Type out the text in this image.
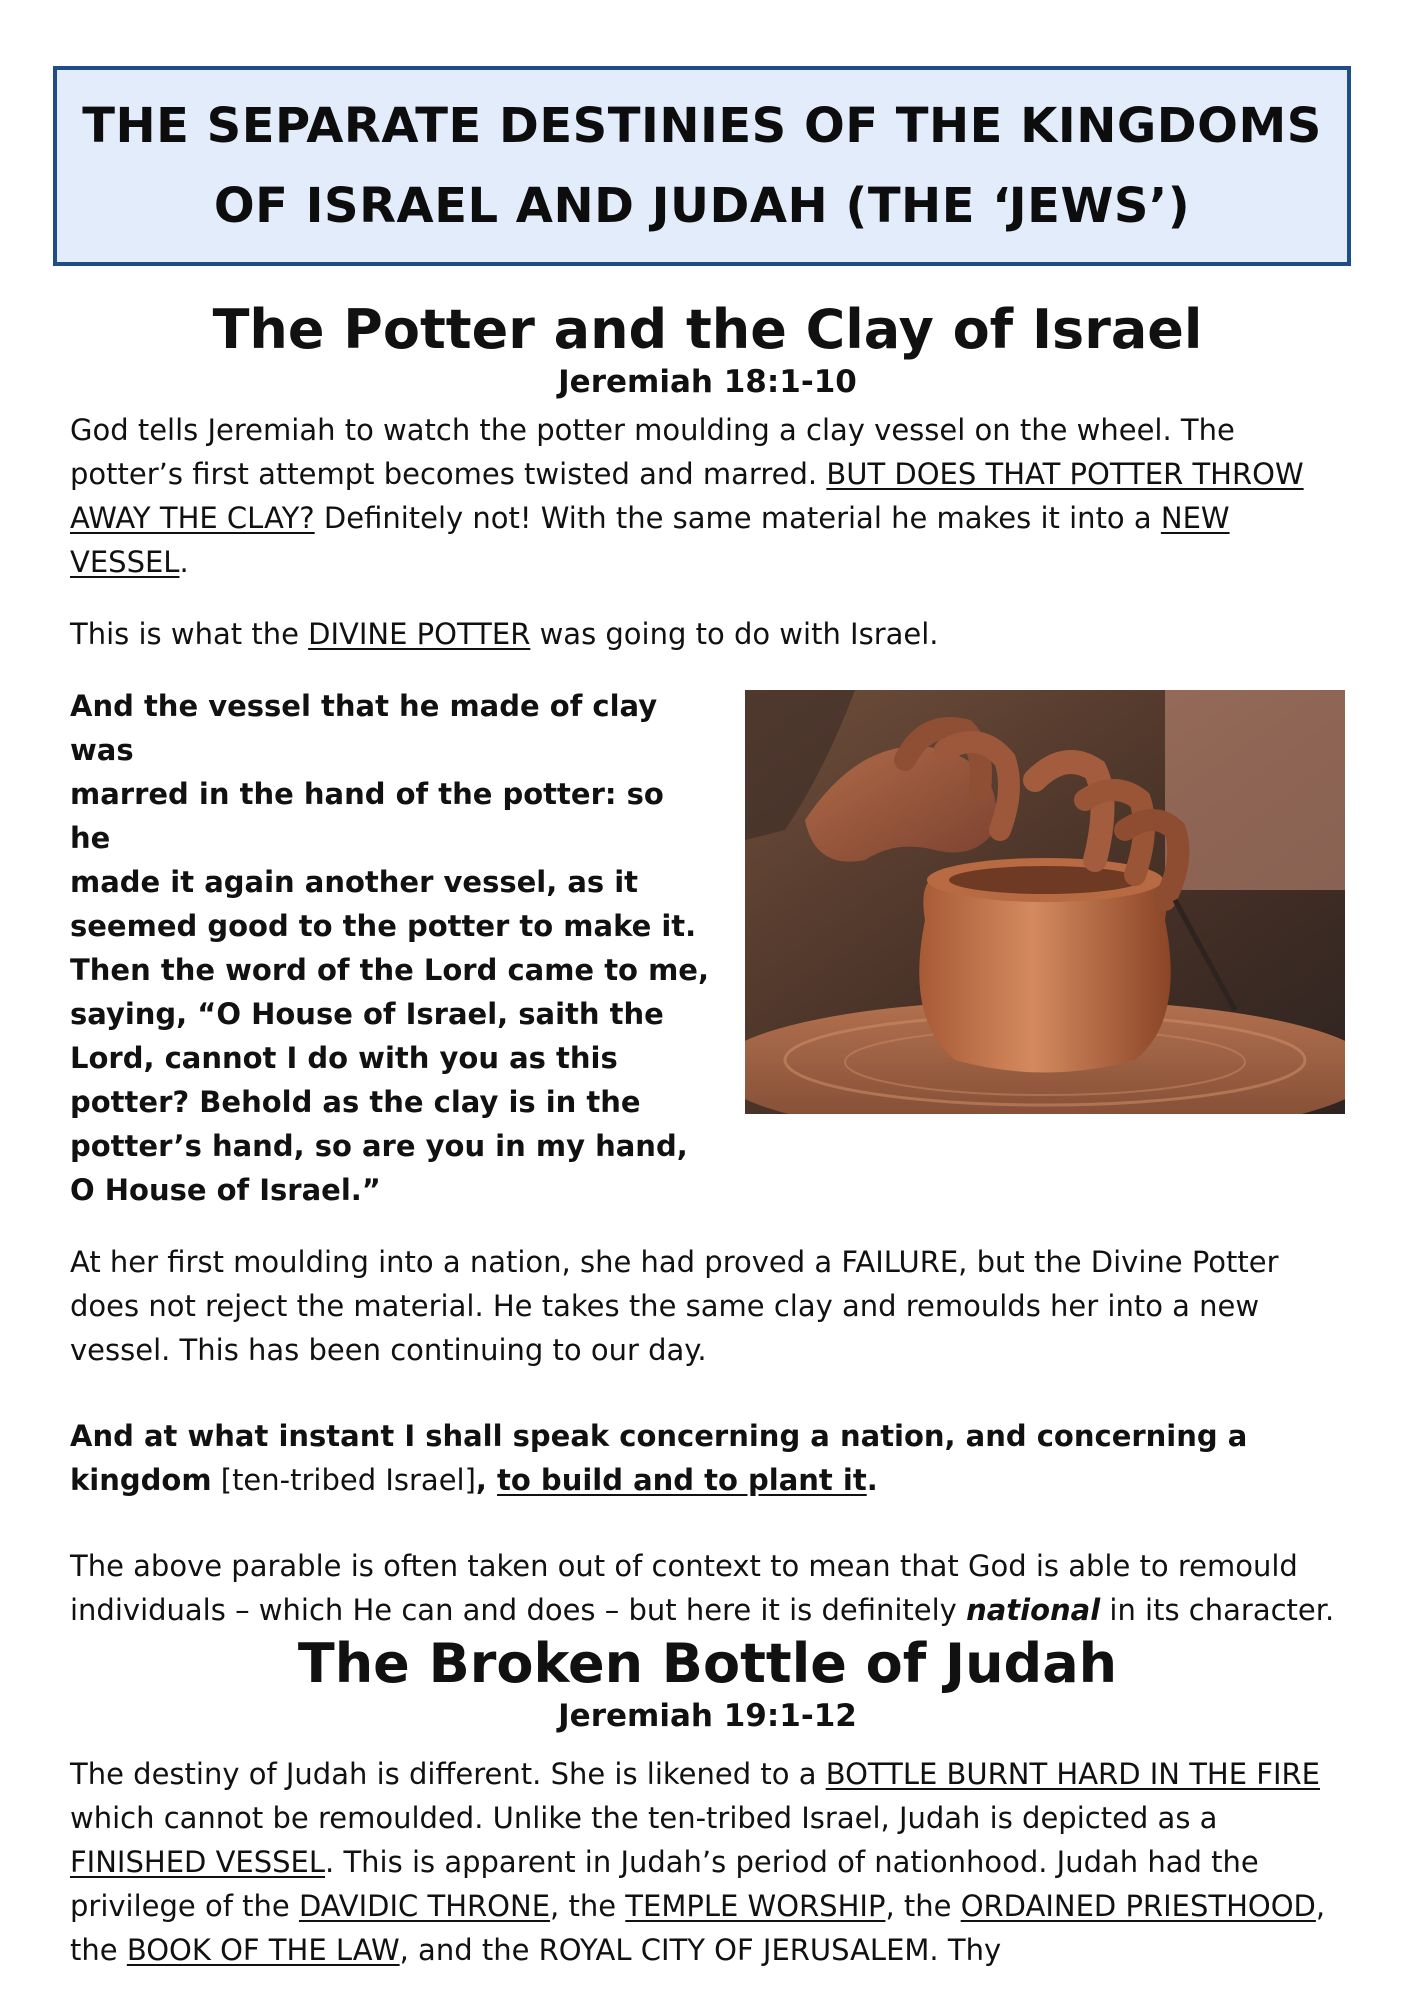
THE SEPARATE DESTINIES OF THE KINGDOMS
OF ISRAEL AND JUDAH (THE ‘JEWS’)
The Potter and the Clay of Israel
Jeremiah 18:1-10

God tells Jeremiah to watch the potter moulding a clay vessel on the wheel. The potter’s first attempt becomes twisted and marred. BUT DOES THAT POTTER THROW AWAY THE CLAY? Definitely not! With the same material he makes it into a NEW VESSEL.

This is what the DIVINE POTTER was going to do with Israel.

And the vessel that he made of clay was
marred in the hand of the potter: so he
made it again another vessel, as it
seemed good to the potter to make it.
Then the word of the Lord came to me,
saying, “O House of Israel, saith the
Lord, cannot I do with you as this
potter? Behold as the clay is in the
potter’s hand, so are you in my hand,
O House of Israel.”

At her first moulding into a nation, she had proved a FAILURE, but the Divine Potter does not reject the material. He takes the same clay and remoulds her into a new vessel. This has been continuing to our day.

And at what instant I shall speak concerning a nation, and concerning a kingdom [ten-tribed Israel], to build and to plant it.

The above parable is often taken out of context to mean that God is able to remould individuals – which He can and does – but here it is definitely national in its character.

The Broken Bottle of Judah
Jeremiah 19:1-12

The destiny of Judah is different. She is likened to a BOTTLE BURNT HARD IN THE FIRE which cannot be remoulded. Unlike the ten-tribed Israel, Judah is depicted as a FINISHED VESSEL. This is apparent in Judah’s period of nationhood. Judah had the privilege of the DAVIDIC THRONE, the TEMPLE WORSHIP, the ORDAINED PRIESTHOOD, the BOOK OF THE LAW, and the ROYAL CITY OF JERUSALEM. Thy
